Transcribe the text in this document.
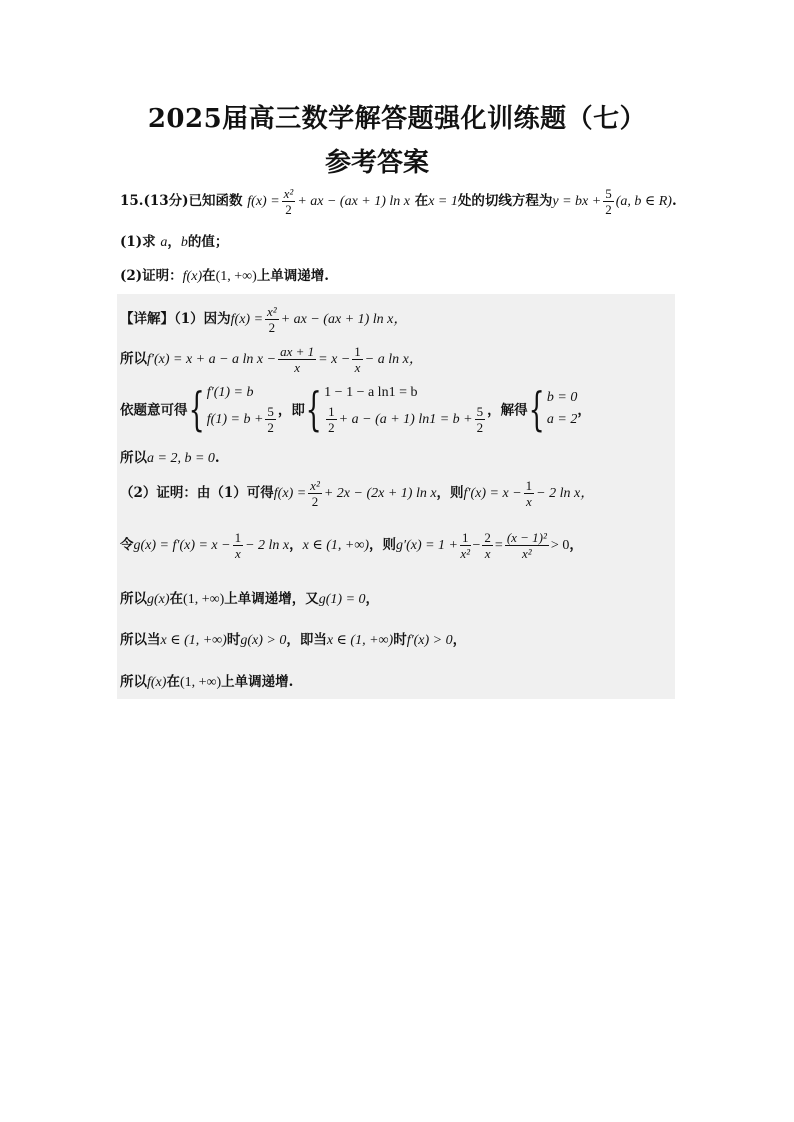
2025届高三数学解答题强化训练题（七）
参考答案
15.(13分)已知函数 $f(x) = \frac{\text{x²}}{2}$ + ax − (ax + 1) ln x 在x = 1处的切线方程为y = bx + $\frac{5}{2} (a$, b ∈ R).
(1)求 a，b的值；
(2)证明：f(x)在(1, +∞)上单调递增.
【详解】（1）因为$f(x) = \frac{\text{x²}}{2}$ + ax − (ax + 1) ln x，
所以f′(x) = x + a − a $\ln x - \frac{ax + 1}{x} = x - \frac{1}{x} - a$ ln x，
依题意可得{ f′(1) = b
$f(1) = b + \frac{5}{2}$ ，即{ 1 − 1 − a ln1 = b
$\frac{1}{2} + a - (a + 1) \ln 1 = b + \frac{5}{2}$ ，解得{ b = 0
a = 2
，
所以a = 2, b = 0.
（2）证明：由（1）可得$f(x) = \frac{\text{x²}}{2} + 2x - (2x + 1)$ ln x，则$f'(x) = x - \frac{1}{x} - 2$ ln x，
令$g(x) = f'(x) = x - \frac{1}{x} - 2$ ln x，x ∈ (1, +∞)，则$g'(x) = 1 + \frac{1}{\text{x²}} - \frac{2}{x} = \frac{\text{(x − 1)²}}{\text{x²}} > 0$，
所以g(x)在(1, +∞)上单调递增，又g(1) = 0，
所以当x ∈ (1, +∞)时g(x) > 0，即当x ∈ (1, +∞)时f′(x) > 0，
所以f(x)在(1, +∞)上单调递增.
